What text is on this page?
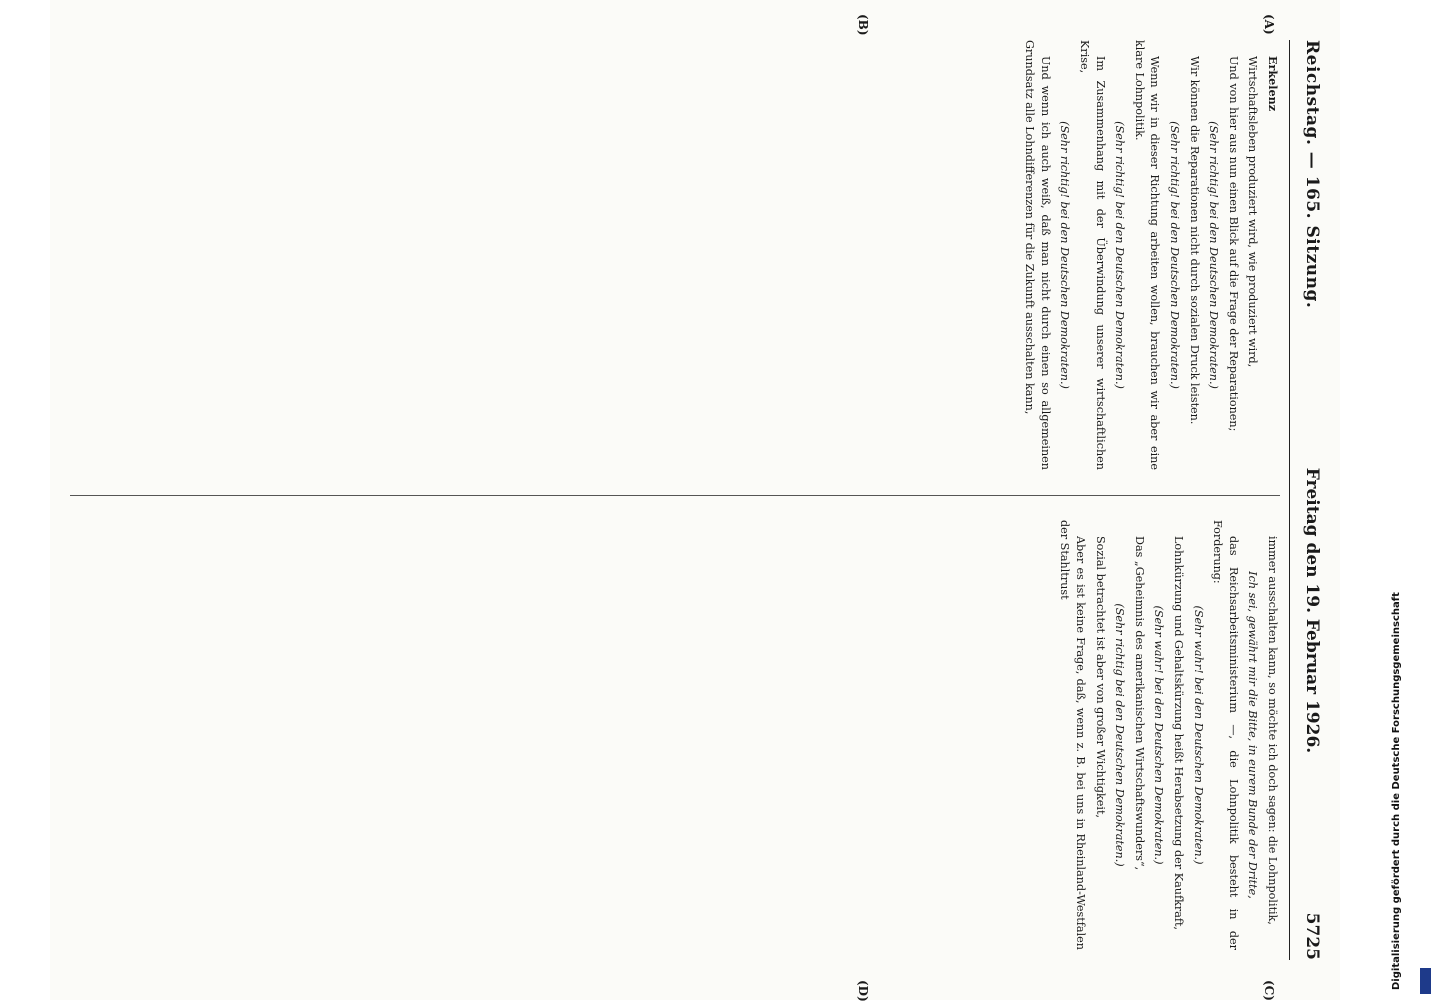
Reichstag. — 165. Sitzung.
Freitag den 19. Februar 1926.
5725
(A)
(B)
(C)
(D)

Erkelenz

Wirtschaftsleben produziert wird, wie produziert wird,

Und von hier aus nun einen Blick auf die Frage der Reparationen;

(Sehr richtig! bei den Deutschen Demokraten.)

Wir können die Reparationen nicht durch sozialen Druck leisten.

(Sehr richtig! bei den Deutschen Demokraten.)

Wenn wir in dieser Richtung arbeiten wollen, brauchen wir aber eine klare Lohnpolitik.

(Sehr richtig! bei den Deutschen Demokraten.)

Im Zusammenhang mit der Überwindung unserer wirtschaftlichen Krise,

(Sehr richtig! bei den Deutschen Demokraten.)

Und wenn ich auch weiß, daß man nicht durch einen so allgemeinen Grundsatz alle Lohndifferenzen für die Zukunft ausschalten kann,

immer ausschalten kann, so möchte ich doch sagen: die Lohnpolitik,

Ich sei, gewährt mir die Bitte, in eurem Bunde der Dritte,

das Reichsarbeitsministerium —, die Lohnpolitik besteht in der Forderung:

(Sehr wahr! bei den Deutschen Demokraten.)

Lohnkürzung und Gehaltskürzung heißt Herabsetzung der Kaufkraft,

(Sehr wahr! bei den Deutschen Demokraten.)

Das „Geheimnis des amerikanischen Wirtschaftswunders“,

(Sehr richtig bei den Deutschen Demokraten.)

Sozial betrachtet ist aber von großer Wichtigkeit,

Aber es ist keine Frage, daß, wenn z. B. bei uns in Rheinland-Westfalen der Stahltrust

Digitalisierung gefördert durch die Deutsche Forschungsgemeinschaft
